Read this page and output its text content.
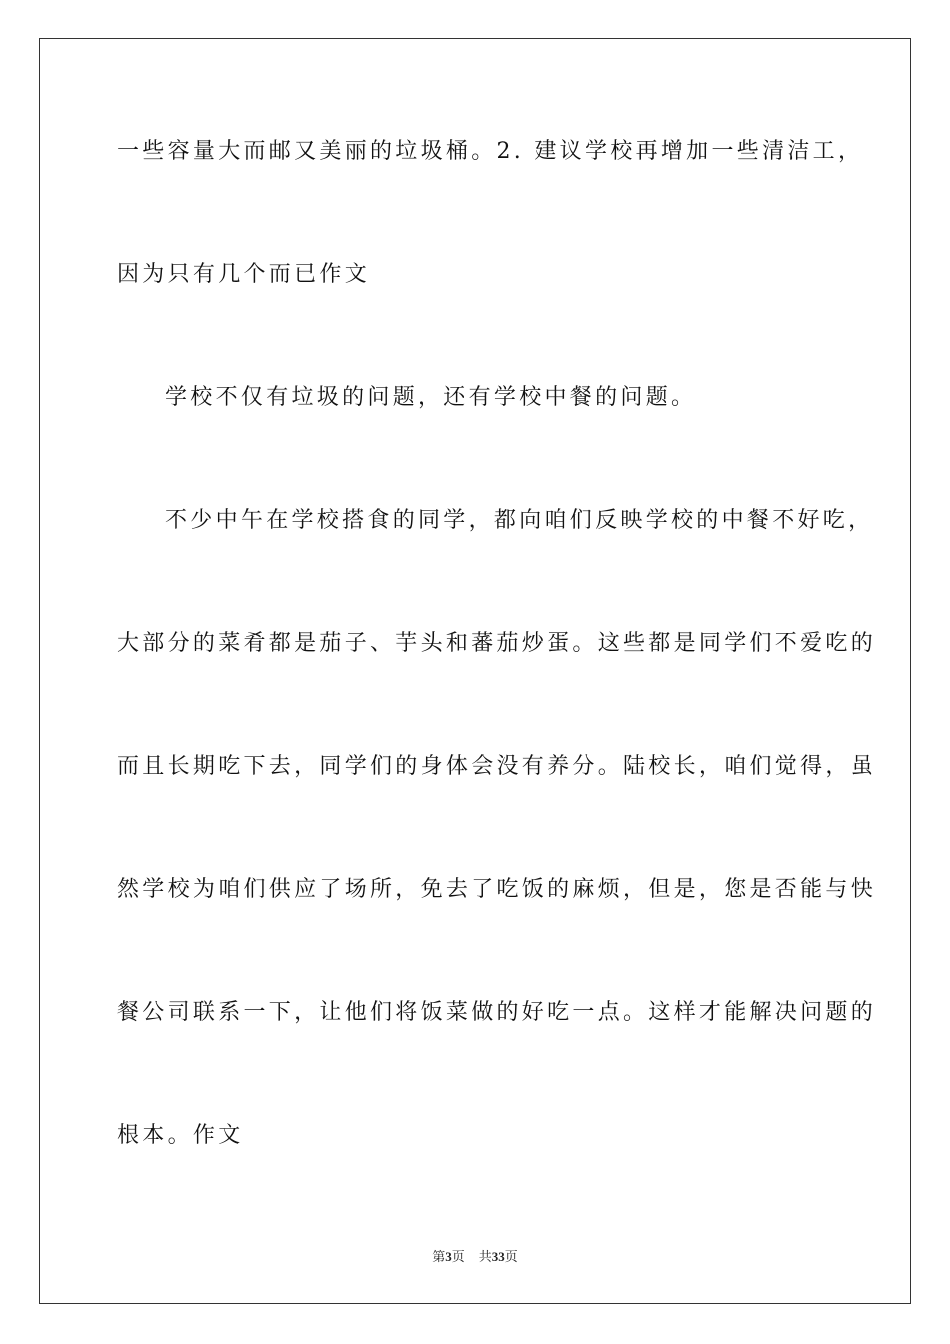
一些容量大而邮又美丽的垃圾桶。2. 建议学校再增加一些清洁工，
因为只有几个而已作文
学校不仅有垃圾的问题，还有学校中餐的问题。
不少中午在学校搭食的同学，都向咱们反映学校的中餐不好吃，
大部分的菜肴都是茄子、芋头和蕃茄炒蛋。这些都是同学们不爱吃的
而且长期吃下去，同学们的身体会没有养分。陆校长，咱们觉得，虽
然学校为咱们供应了场所，免去了吃饭的麻烦，但是，您是否能与快
餐公司联系一下，让他们将饭菜做的好吃一点。这样才能解决问题的
根本。作文
第3页 共33页
